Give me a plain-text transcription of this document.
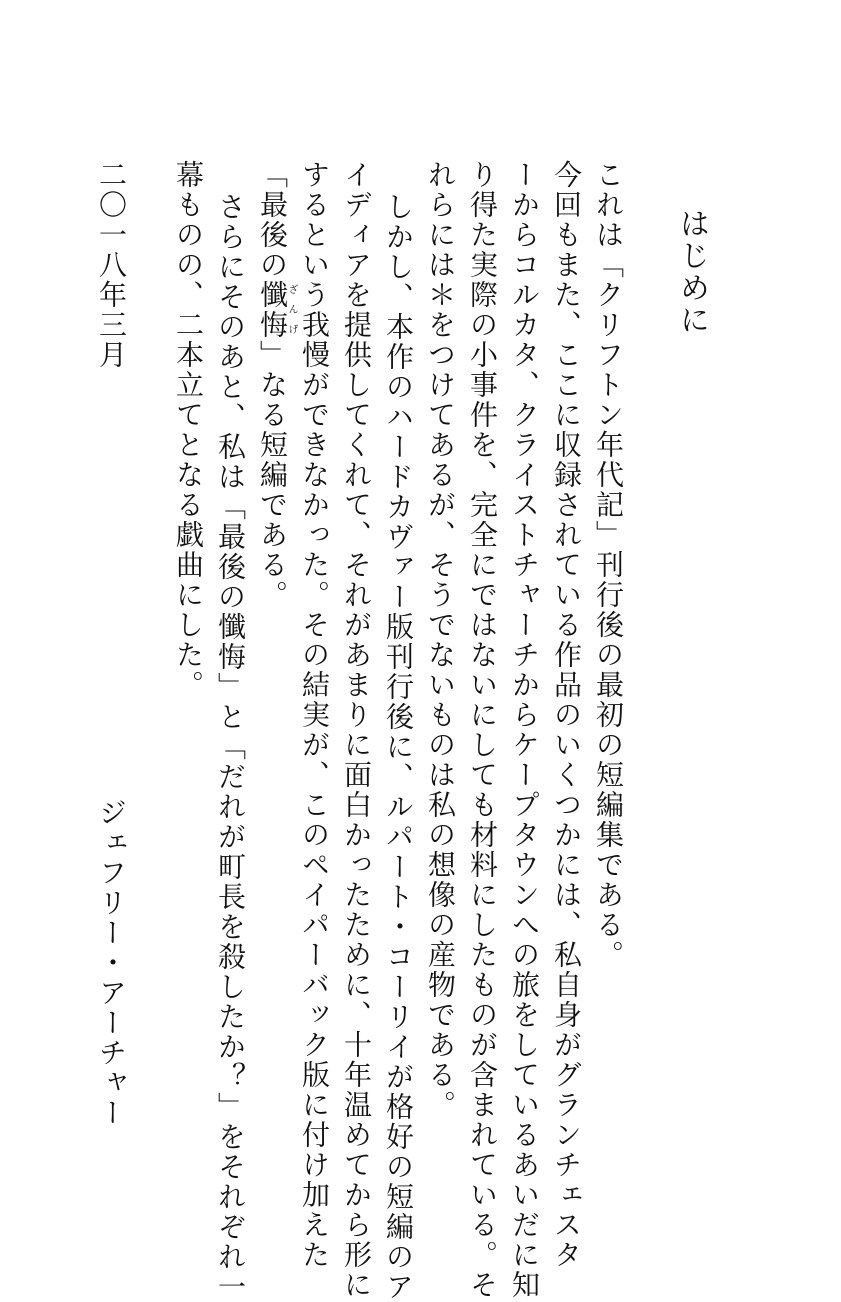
はじめに
これは「クリフトン年代記」刊行後の最初の短編集である。
今回もまた、ここに収録されている作品のいくつかには、私自身がグランチェスタ
ーからコルカタ、クライストチャーチからケープタウンへの旅をしているあいだに知
り得た実際の小事件を、完全にではないにしても材料にしたものが含まれている。そ
れらには＊をつけてあるが、そうでないものは私の想像の産物である。
しかし、本作のハードカヴァー版刊行後に、ルパート・コーリイが格好の短編のア
イディアを提供してくれて、それがあまりに面白かったために、十年温めてから形に
するという我慢ができなかった。その結実が、このペイパーバック版に付け加えた
「最後の懺悔ざんげ」なる短編である。
さらにそのあと、私は「最後の懺悔」と「だれが町長を殺したか？」をそれぞれ一
幕ものの、二本立てとなる戯曲にした。
二〇一八年三月
ジェフリー・アーチャー
